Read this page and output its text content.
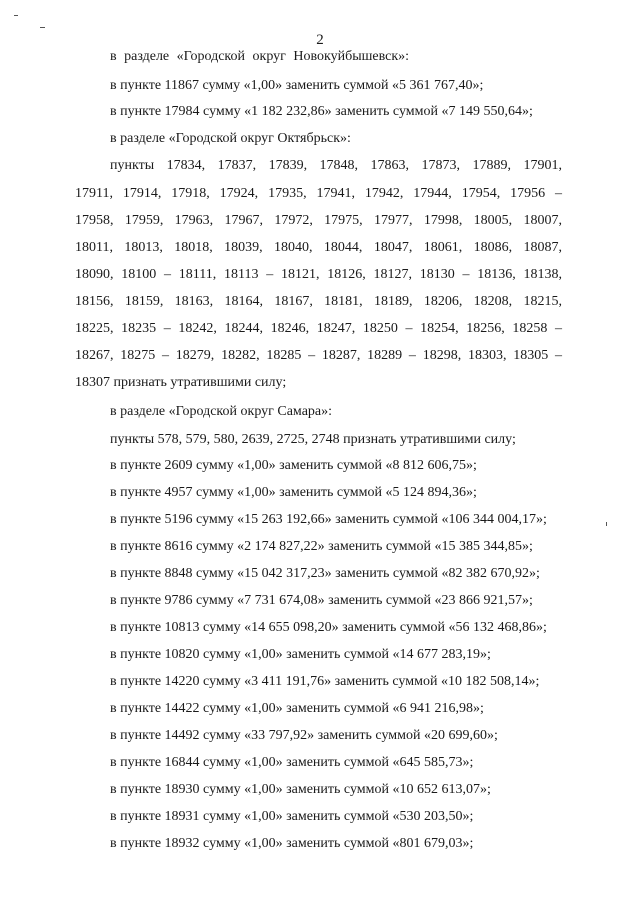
2
в разделе «Городской округ Новокуйбышевск»:
в пункте 11867 сумму «1,00» заменить суммой «5 361 767,40»;
в пункте 17984 сумму «1 182 232,86» заменить суммой «7 149 550,64»;
в разделе «Городской округ Октябрьск»:
пункты 17834, 17837, 17839, 17848, 17863, 17873, 17889, 17901,
17911, 17914, 17918, 17924, 17935, 17941, 17942, 17944, 17954, 17956 –
17958, 17959, 17963, 17967, 17972, 17975, 17977, 17998, 18005, 18007,
18011, 18013, 18018, 18039, 18040, 18044, 18047, 18061, 18086, 18087,
18090, 18100 – 18111, 18113 – 18121, 18126, 18127, 18130 – 18136, 18138,
18156, 18159, 18163, 18164, 18167, 18181, 18189, 18206, 18208, 18215,
18225, 18235 – 18242, 18244, 18246, 18247, 18250 – 18254, 18256, 18258 –
18267, 18275 – 18279, 18282, 18285 – 18287, 18289 – 18298, 18303, 18305 –
18307 признать утратившими силу;
в разделе «Городской округ Самара»:
пункты 578, 579, 580, 2639, 2725, 2748 признать утратившими силу;
в пункте 2609 сумму «1,00» заменить суммой «8 812 606,75»;
в пункте 4957 сумму «1,00» заменить суммой «5 124 894,36»;
в пункте 5196 сумму «15 263 192,66» заменить суммой «106 344 004,17»;
в пункте 8616 сумму «2 174 827,22» заменить суммой «15 385 344,85»;
в пункте 8848 сумму «15 042 317,23» заменить суммой «82 382 670,92»;
в пункте 9786 сумму «7 731 674,08» заменить суммой «23 866 921,57»;
в пункте 10813 сумму «14 655 098,20» заменить суммой «56 132 468,86»;
в пункте 10820 сумму «1,00» заменить суммой «14 677 283,19»;
в пункте 14220 сумму «3 411 191,76» заменить суммой «10 182 508,14»;
в пункте 14422 сумму «1,00» заменить суммой «6 941 216,98»;
в пункте 14492 сумму «33 797,92» заменить суммой «20 699,60»;
в пункте 16844 сумму «1,00» заменить суммой «645 585,73»;
в пункте 18930 сумму «1,00» заменить суммой «10 652 613,07»;
в пункте 18931 сумму «1,00» заменить суммой «530 203,50»;
в пункте 18932 сумму «1,00» заменить суммой «801 679,03»;
